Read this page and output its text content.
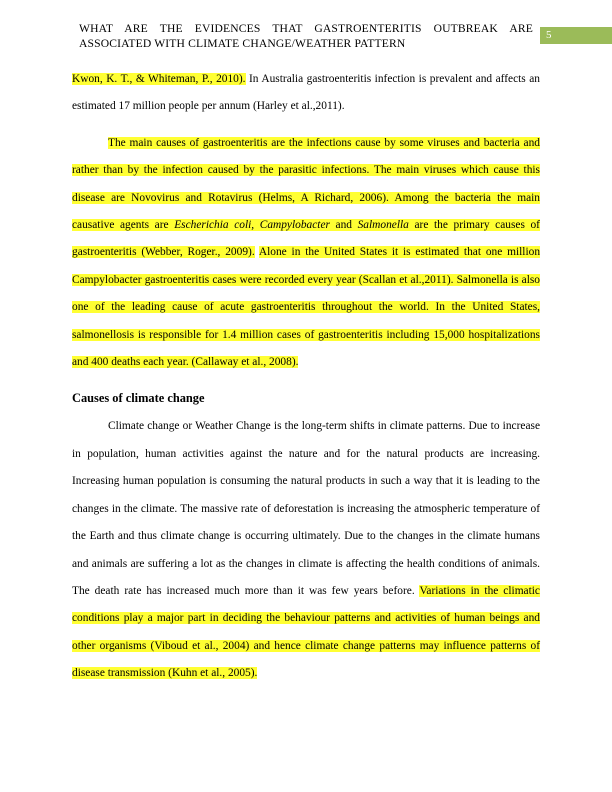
WHAT ARE THE EVIDENCES THAT GASTROENTERITIS OUTBREAK ARE
ASSOCIATED WITH CLIMATE CHANGE/WEATHER PATTERN
5

Kwon, K. T., & Whiteman, P., 2010). In Australia gastroenteritis infection is prevalent and affects an estimated 17 million people per annum (Harley et al.,2011).

The main causes of gastroenteritis are the infections cause by some viruses and bacteria and rather than by the infection caused by the parasitic infections. The main viruses which cause this disease are Novovirus and Rotavirus (Helms, A Richard, 2006). Among the bacteria the main causative agents are Escherichia coli, Campylobacter and Salmonella are the primary causes of gastroenteritis (Webber, Roger., 2009). Alone in the United States it is estimated that one million Campylobacter gastroenteritis cases were recorded every year (Scallan et al.,2011). Salmonella is also one of the leading cause of acute gastroenteritis throughout the world. In the United States, salmonellosis is responsible for 1.4 million cases of gastroenteritis including 15,000 hospitalizations and 400 deaths each year. (Callaway et al., 2008).

Causes of climate change

Climate change or Weather Change is the long-term shifts in climate patterns. Due to increase in population, human activities against the nature and for the natural products are increasing. Increasing human population is consuming the natural products in such a way that it is leading to the changes in the climate. The massive rate of deforestation is increasing the atmospheric temperature of the Earth and thus climate change is occurring ultimately. Due to the changes in the climate humans and animals are suffering a lot as the changes in climate is affecting the health conditions of animals. The death rate has increased much more than it was few years before. Variations in the climatic conditions play a major part in deciding the behaviour patterns and activities of human beings and other organisms (Viboud et al., 2004) and hence climate change patterns may influence patterns of disease transmission (Kuhn et al., 2005).
